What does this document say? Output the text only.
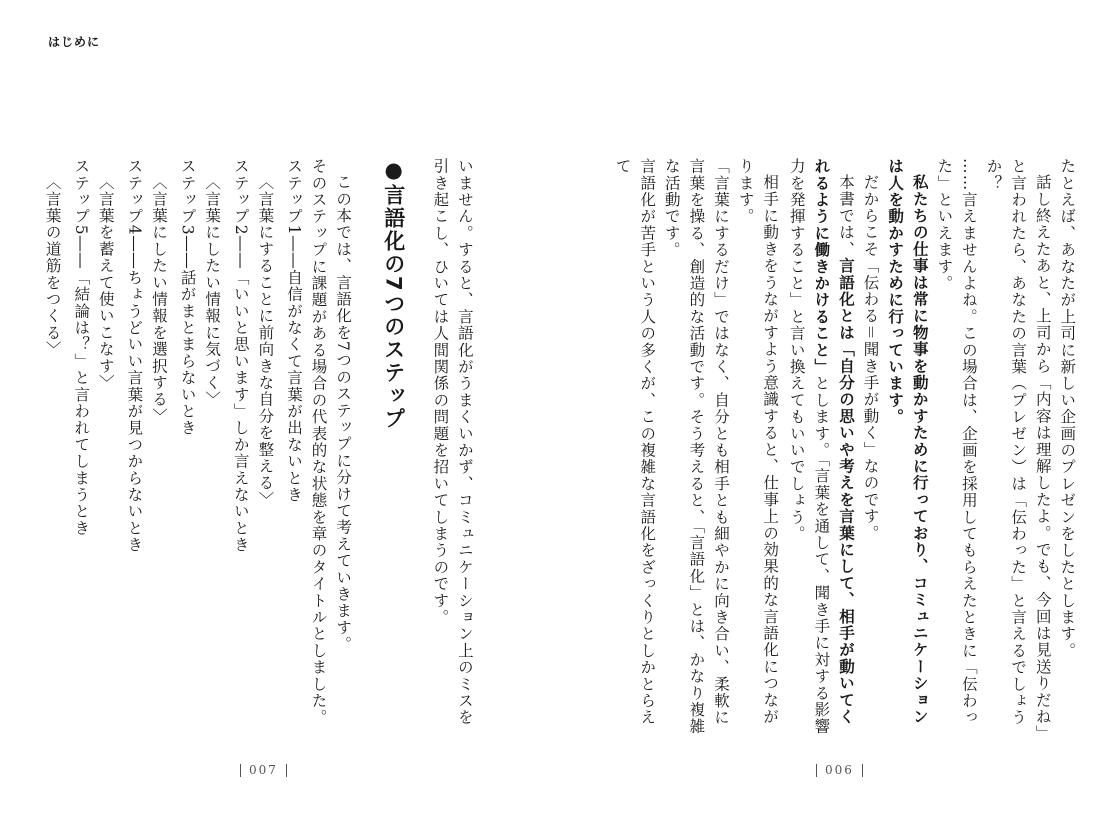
はじめに

たとえば、あなたが上司に新しい企画のプレゼンをしたとします。

話し終えたあと、上司から「内容は理解したよ。でも、今回は見送りだね」と言われたら、あなたの言葉（プレゼン）は「伝わった」と言えるでしょうか？

……言えませんよね。この場合は、企画を採用してもらえたときに「伝わった」といえます。

私たちの仕事は常に物事を動かすために行っており、コミュニケーションは人を動かすために行っています。

だからこそ「伝わる＝聞き手が動く」なのです。

本書では、言語化とは「自分の思いや考えを言葉にして、相手が動いてくれるように働きかけること」とします。「言葉を通して、聞き手に対する影響力を発揮すること」と言い換えてもいいでしょう。

相手に動きをうながすよう意識すると、仕事上の効果的な言語化につながります。

「言葉にするだけ」ではなく、自分とも相手とも細やかに向き合い、柔軟に言葉を操る、創造的な活動です。そう考えると、「言語化」とは、かなり複雑な活動です。

言語化が苦手という人の多くが、この複雑な言語化をざっくりとしかとらえて

いません。すると、言語化がうまくいかず、コミュニケーション上のミスを引き起こし、ひいては人間関係の問題を招いてしまうのです。

●言語化の7つのステップ

この本では、言語化を7つのステップに分けて考えていきます。

そのステップに課題がある場合の代表的な状態を章のタイトルとしました。

ステップ1――自信がなくて言葉が出ないとき

〈言葉にすることに前向きな自分を整える〉

ステップ2――「いいと思います」しか言えないとき

〈言葉にしたい情報に気づく〉

ステップ3――話がまとまらないとき

〈言葉にしたい情報を選択する〉

ステップ4――ちょうどいい言葉が見つからないとき

〈言葉を蓄えて使いこなす〉

ステップ5――「結論は？」と言われてしまうとき

〈言葉の道筋をつくる〉

007	006
